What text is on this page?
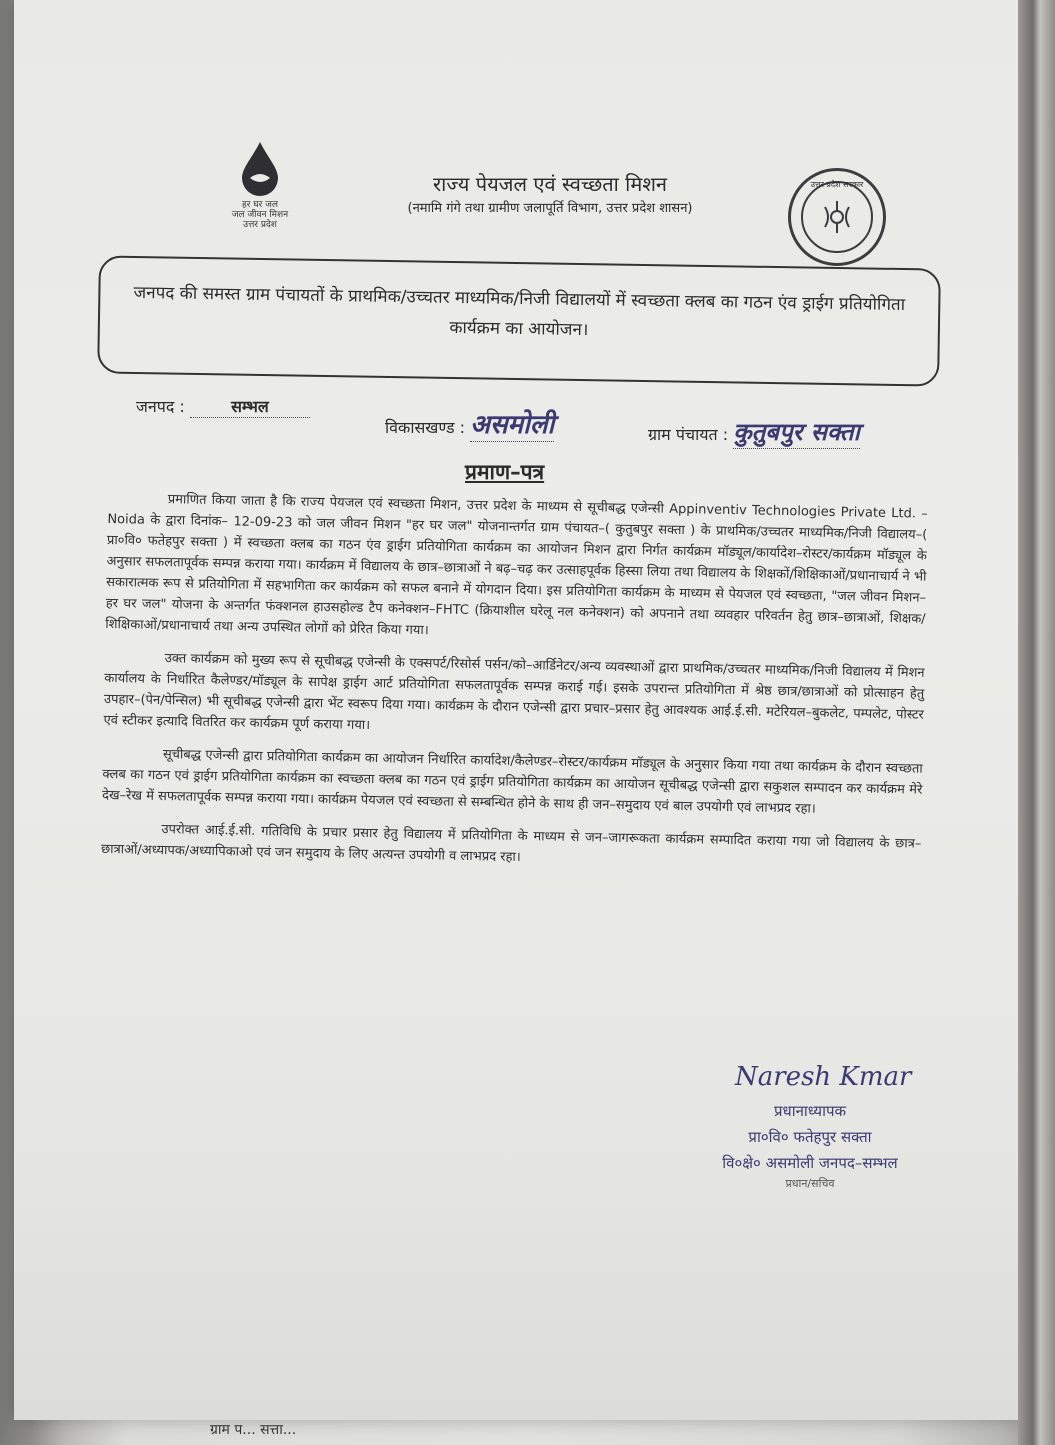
हर घर जल
जल जीवन मिशन
उत्तर प्रदेश
उत्तर प्रदेश सरकार
राज्य पेयजल एवं स्वच्छता मिशन
(नमामि गंगे तथा ग्रामीण जलापूर्ति विभाग, उत्तर प्रदेश शासन)
जनपद की समस्त ग्राम पंचायतों के प्राथमिक/उच्चतर माध्यमिक/निजी विद्यालयों में स्वच्छता क्लब का गठन एंव ड्राईग प्रतियोगिता कार्यक्रम का आयोजन।
जनपद :	सम्भल
विकासखण्ड : असमोली	ग्राम पंचायत : कुतुबपुर सक्ता
प्रमाण–पत्र

प्रमाणित किया जाता है कि राज्य पेयजल एवं स्वच्छता मिशन, उत्तर प्रदेश के माध्यम से सूचीबद्ध एजेन्सी Appinventiv Technologies Private Ltd. – Noida के द्वारा दिनांक– 12-09-23 को जल जीवन मिशन "हर घर जल" योजनान्तर्गत ग्राम पंचायत–( कुतुबपुर सक्ता ) के प्राथमिक/उच्चतर माध्यमिक/निजी विद्यालय–( प्रा०वि० फतेहपुर सक्ता ) में स्वच्छता क्लब का गठन एंव ड्राईग प्रतियोगिता कार्यक्रम का आयोजन मिशन द्वारा निर्गत कार्यक्रम मॉड्यूल/कार्यादेश–रोस्टर/कार्यक्रम मॉड्यूल के अनुसार सफलतापूर्वक सम्पन्न कराया गया। कार्यक्रम में विद्यालय के छात्र–छात्राओं ने बढ़–चढ़ कर उत्साहपूर्वक हिस्सा लिया तथा विद्यालय के शिक्षकों/शिक्षिकाओं/प्रधानाचार्य ने भी सकारात्मक रूप से प्रतियोगिता में सहभागिता कर कार्यक्रम को सफल बनाने में योगदान दिया। इस प्रतियोगिता कार्यक्रम के माध्यम से पेयजल एवं स्वच्छता, "जल जीवन मिशन–हर घर जल" योजना के अन्तर्गत फंक्शनल हाउसहोल्ड टैप कनेक्शन–FHTC (क्रियाशील घरेलू नल कनेक्शन) को अपनाने तथा व्यवहार परिवर्तन हेतु छात्र–छात्राओं, शिक्षक/शिक्षिकाओं/प्रधानाचार्य तथा अन्य उपस्थित लोगों को प्रेरित किया गया।

उक्त कार्यक्रम को मुख्य रूप से सूचीबद्ध एजेन्सी के एक्सपर्ट/रिसोर्स पर्सन/को–आर्डिनेटर/अन्य व्यवस्थाओं द्वारा प्राथमिक/उच्चतर माध्यमिक/निजी विद्यालय में मिशन कार्यालय के निर्धारित कैलेण्डर/मॉड्यूल के सापेक्ष ड्राईग आर्ट प्रतियोगिता सफलतापूर्वक सम्पन्न कराई गई। इसके उपरान्त प्रतियोगिता में श्रेष्ठ छात्र/छात्राओं को प्रोत्साहन हेतु उपहार–(पेन/पेन्सिल) भी सूचीबद्ध एजेन्सी द्वारा भेंट स्वरूप दिया गया। कार्यक्रम के दौरान एजेन्सी द्वारा प्रचार–प्रसार हेतु आवश्यक आई.ई.सी. मटेरियल–बुकलेट, पम्पलेट, पोस्टर एवं स्टीकर इत्यादि वितरित कर कार्यक्रम पूर्ण कराया गया।

सूचीबद्ध एजेन्सी द्वारा प्रतियोगिता कार्यक्रम का आयोजन निर्धारित कार्यादेश/कैलेण्डर–रोस्टर/कार्यक्रम मॉड्यूल के अनुसार किया गया तथा कार्यक्रम के दौरान स्वच्छता क्लब का गठन एवं ड्राईग प्रतियोगिता कार्यक्रम का स्वच्छता क्लब का गठन एवं ड्राईग प्रतियोगिता कार्यक्रम का आयोजन सूचीबद्ध एजेन्सी द्वारा सकुशल सम्पादन कर कार्यक्रम मेरे देख–रेख में सफलतापूर्वक सम्पन्न कराया गया। कार्यक्रम पेयजल एवं स्वच्छता से सम्बन्धित होने के साथ ही जन–समुदाय एवं बाल उपयोगी एवं लाभप्रद रहा।

उपरोक्त आई.ई.सी. गतिविधि के प्रचार प्रसार हेतु विद्यालय में प्रतियोगिता के माध्यम से जन–जागरूकता कार्यक्रम सम्पादित कराया गया जो विद्यालय के छात्र–छात्राओं/अध्यापक/अध्यापिकाओ एवं जन समुदाय के लिए अत्यन्त उपयोगी व लाभप्रद रहा।

Naresh Kmar
प्रधानाध्यापक
प्रा०वि० फतेहपुर सक्ता
वि०क्षे० असमोली जनपद–सम्भल
प्रधान/सचिव
ग्राम प... सत्ता...
